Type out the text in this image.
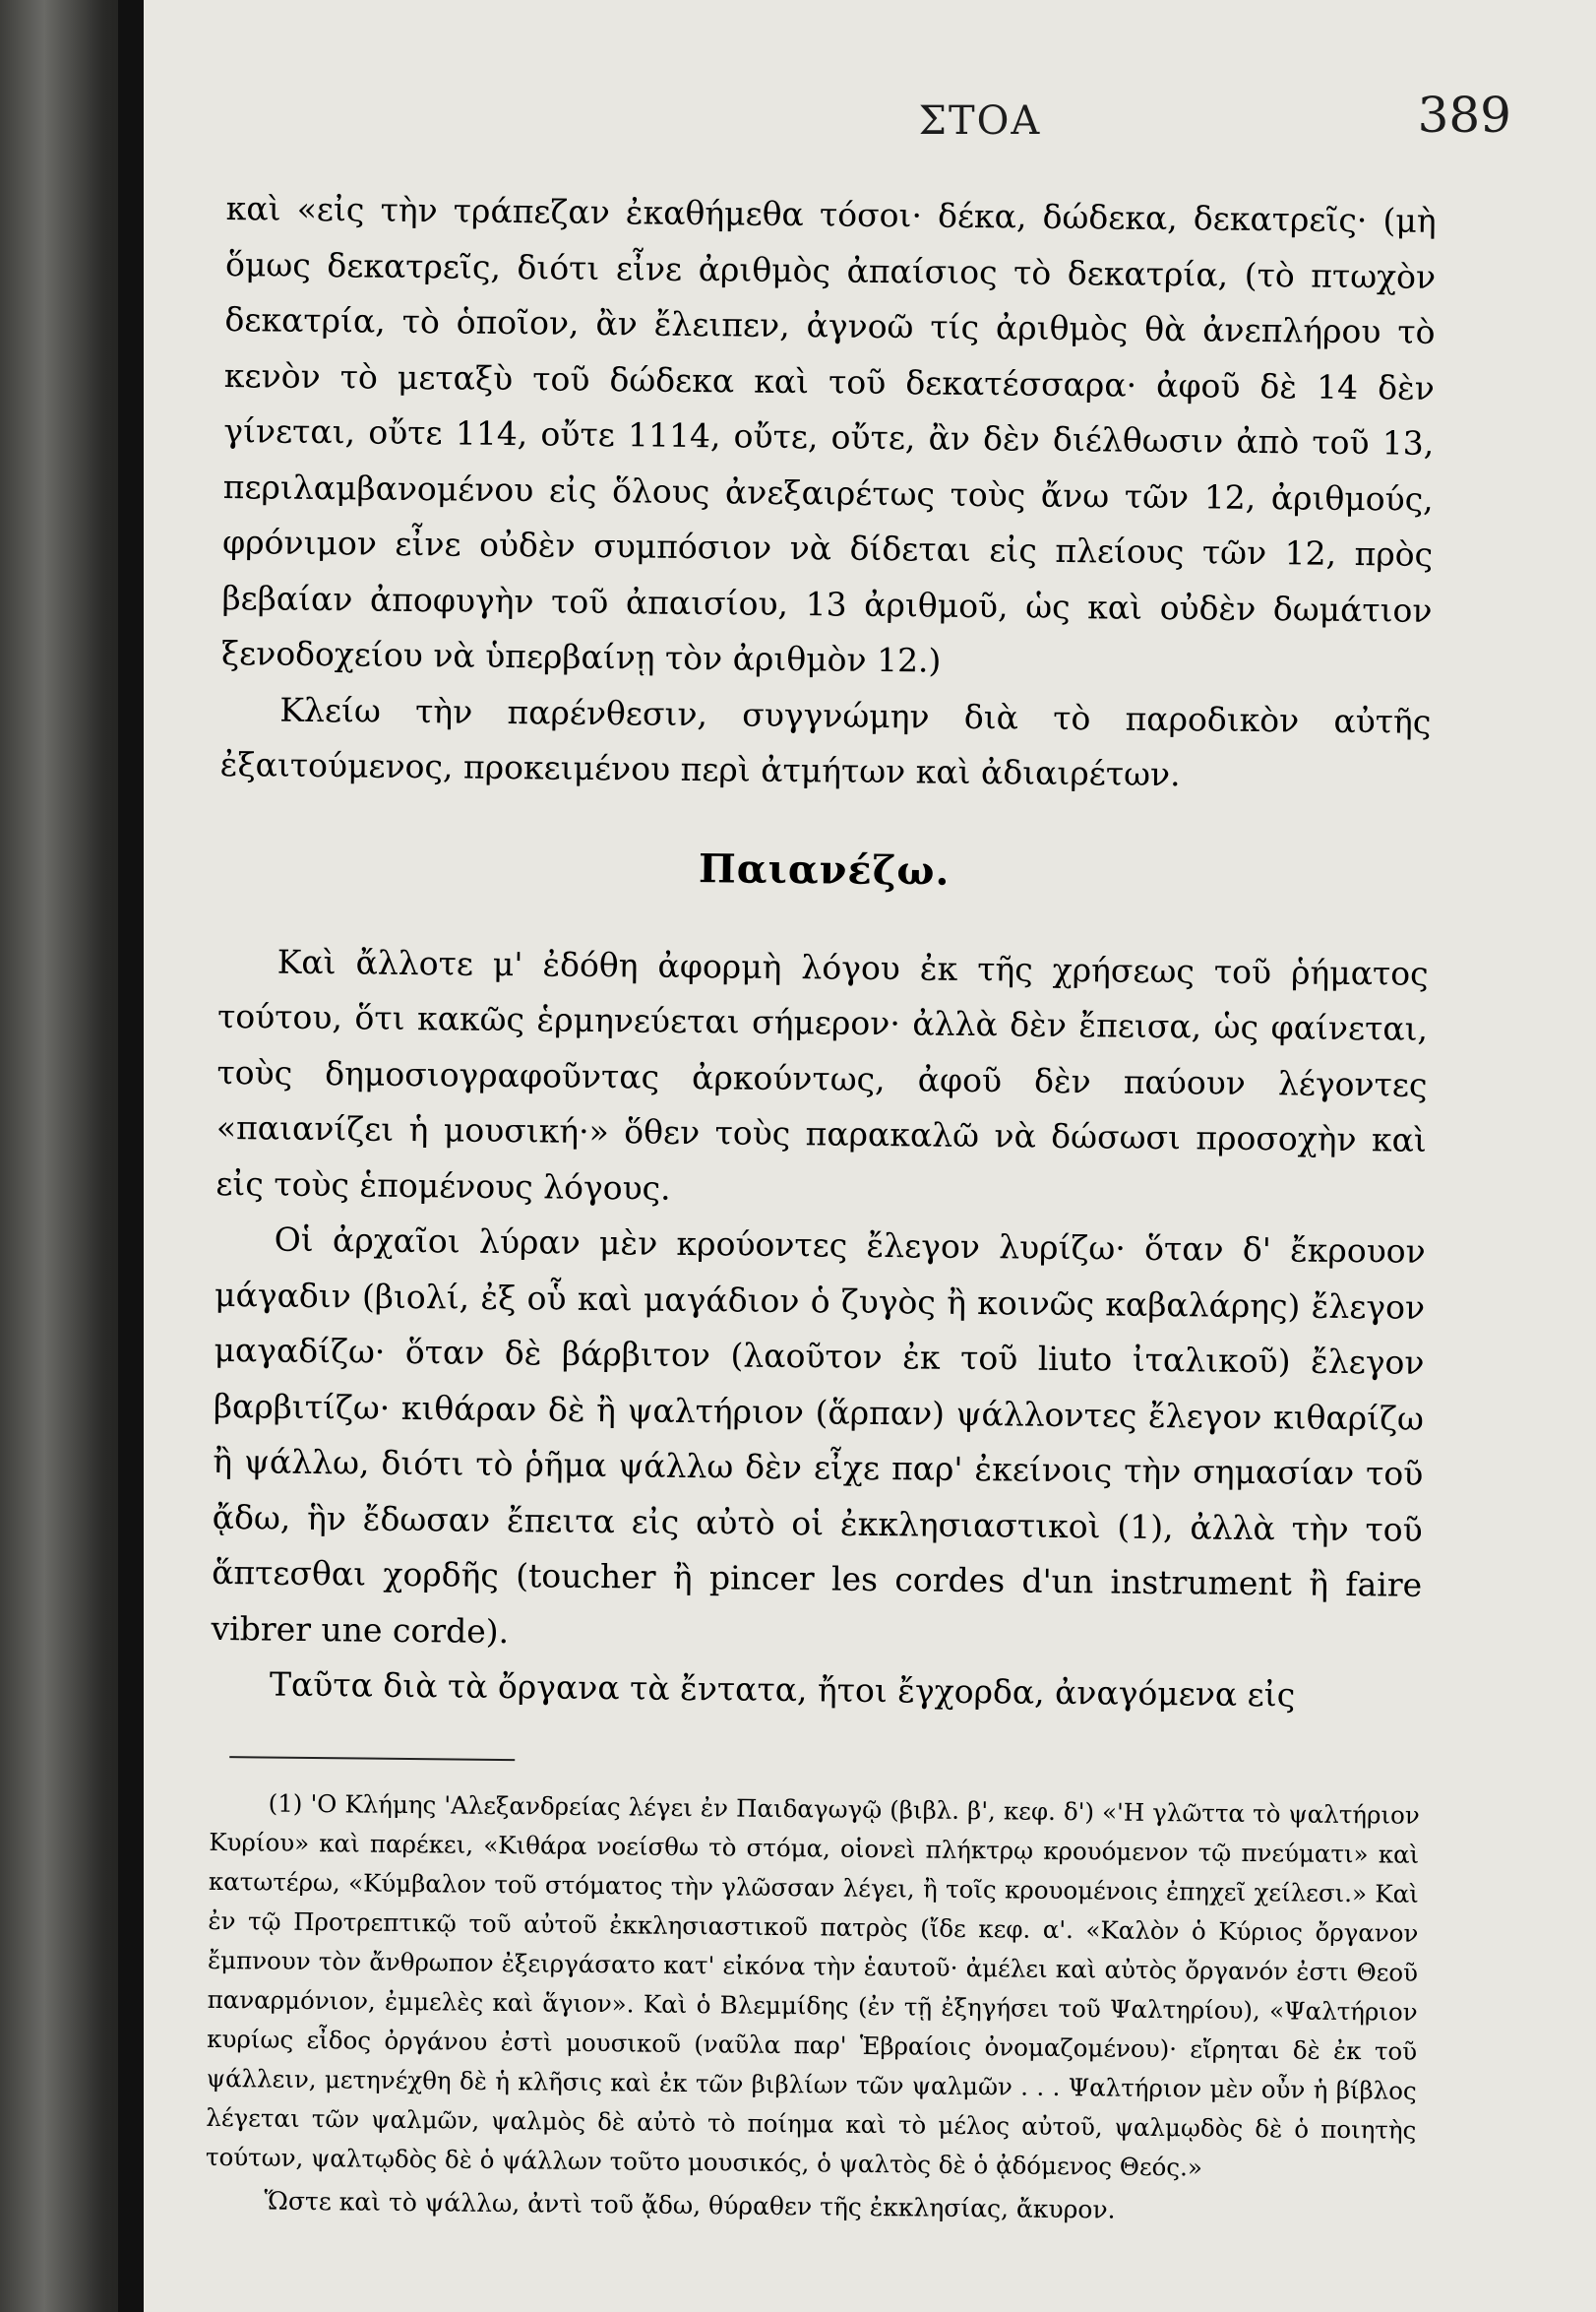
ΣΤΟΑ	389

καὶ «εἰς τὴν τράπεζαν ἐκαθήμεθα τόσοι· δέκα, δώδεκα, δεκατρεῖς· (μὴ ὅμως δεκατρεῖς, διότι εἶνε ἀριθμὸς ἀπαίσιος τὸ δεκατρία, (τὸ πτωχὸν δεκατρία, τὸ ὁποῖον, ἂν ἔλειπεν, ἀγνοῶ τίς ἀριθμὸς θὰ ἀνεπλήρου τὸ κενὸν τὸ μεταξὺ τοῦ δώδεκα καὶ τοῦ δεκατέσσαρα· ἀφοῦ δὲ 14 δὲν γίνεται, οὔτε 114, οὔτε 1114, οὔτε, οὔτε, ἂν δὲν διέλθωσιν ἀπὸ τοῦ 13, περιλαμβανομένου εἰς ὅλους ἀνεξαιρέτως τοὺς ἄνω τῶν 12, ἀριθμούς, φρόνιμον εἶνε οὐδὲν συμπόσιον νὰ δίδεται εἰς πλείους τῶν 12, πρὸς βεβαίαν ἀποφυγὴν τοῦ ἀπαισίου, 13 ἀριθμοῦ, ὡς καὶ οὐδὲν δωμάτιον ξενοδοχείου νὰ ὑπερβαίνῃ τὸν ἀριθμὸν 12.)

Κλείω τὴν παρένθεσιν, συγγνώμην διὰ τὸ παροδικὸν αὐτῆς ἐξαιτούμενος, προκειμένου περὶ ἀτμήτων καὶ ἀδιαιρέτων.

Παιανέζω.

Καὶ ἄλλοτε μ' ἐδόθη ἀφορμὴ λόγου ἐκ τῆς χρήσεως τοῦ ῥήματος τούτου, ὅτι κακῶς ἑρμηνεύεται σήμερον· ἀλλὰ δὲν ἔπεισα, ὡς φαίνεται, τοὺς δημοσιογραφοῦντας ἀρκούντως, ἀφοῦ δὲν παύουν λέγοντες «παιανίζει ἡ μουσική·» ὅθεν τοὺς παρακαλῶ νὰ δώσωσι προσοχὴν καὶ εἰς τοὺς ἑπομένους λόγους.

Οἱ ἀρχαῖοι λύραν μὲν κρούοντες ἔλεγον λυρίζω· ὅταν δ' ἔκρουον μάγαδιν (βιολί, ἐξ οὗ καὶ μαγάδιον ὁ ζυγὸς ἢ κοινῶς καβαλάρης) ἔλεγον μαγαδίζω· ὅταν δὲ βάρβιτον (λαοῦτον ἐκ τοῦ liuto ἰταλικοῦ) ἔλεγον βαρβιτίζω· κιθάραν δὲ ἢ ψαλτήριον (ἅρπαν) ψάλλοντες ἔλεγον κιθαρίζω ἢ ψάλλω, διότι τὸ ῥῆμα ψάλλω δὲν εἶχε παρ' ἐκείνοις τὴν σημασίαν τοῦ ᾄδω, ἣν ἔδωσαν ἔπειτα εἰς αὐτὸ οἱ ἐκκλησιαστικοὶ (1), ἀλλὰ τὴν τοῦ ἅπτεσθαι χορδῆς (toucher ἢ pincer les cordes d'un instrument ἢ faire vibrer une corde).

Ταῦτα διὰ τὰ ὄργανα τὰ ἔντατα, ἤτοι ἔγχορδα, ἀναγόμενα εἰς

(1) 'Ο Κλήμης 'Αλεξανδρείας λέγει ἐν Παιδαγωγῷ (βιβλ. β', κεφ. δ') «'Η γλῶττα τὸ ψαλτήριον Κυρίου» καὶ παρέκει, «Κιθάρα νοείσθω τὸ στόμα, οἱονεὶ πλήκτρῳ κρουόμενον τῷ πνεύματι» καὶ κατωτέρω, «Κύμβαλον τοῦ στόματος τὴν γλῶσσαν λέγει, ἢ τοῖς κρουομένοις ἐπηχεῖ χείλεσι.» Καὶ ἐν τῷ Προτρεπτικῷ τοῦ αὐτοῦ ἐκκλησιαστικοῦ πατρὸς (ἴδε κεφ. α'. «Καλὸν ὁ Κύριος ὄργανον ἔμπνουν τὸν ἄνθρωπον ἐξειργάσατο κατ' εἰκόνα τὴν ἑαυτοῦ· ἀμέλει καὶ αὐτὸς ὄργανόν ἐστι Θεοῦ παναρμόνιον, ἐμμελὲς καὶ ἅγιον». Καὶ ὁ Βλεμμίδης (ἐν τῇ ἐξηγήσει τοῦ Ψαλτηρίου), «Ψαλτήριον κυρίως εἶδος ὀργάνου ἐστὶ μουσικοῦ (ναῦλα παρ' Ἑβραίοις ὀνομαζομένου)· εἴρηται δὲ ἐκ τοῦ ψάλλειν, μετηνέχθη δὲ ἡ κλῆσις καὶ ἐκ τῶν βιβλίων τῶν ψαλμῶν . . . Ψαλτήριον μὲν οὖν ἡ βίβλος λέγεται τῶν ψαλμῶν, ψαλμὸς δὲ αὐτὸ τὸ ποίημα καὶ τὸ μέλος αὐτοῦ, ψαλμῳδὸς δὲ ὁ ποιητὴς τούτων, ψαλτῳδὸς δὲ ὁ ψάλλων τοῦτο μουσικός, ὁ ψαλτὸς δὲ ὁ ᾀδόμενος Θεός.»

Ὥστε καὶ τὸ ψάλλω, ἀντὶ τοῦ ᾄδω, θύραθεν τῆς ἐκκλησίας, ἄκυρον.
